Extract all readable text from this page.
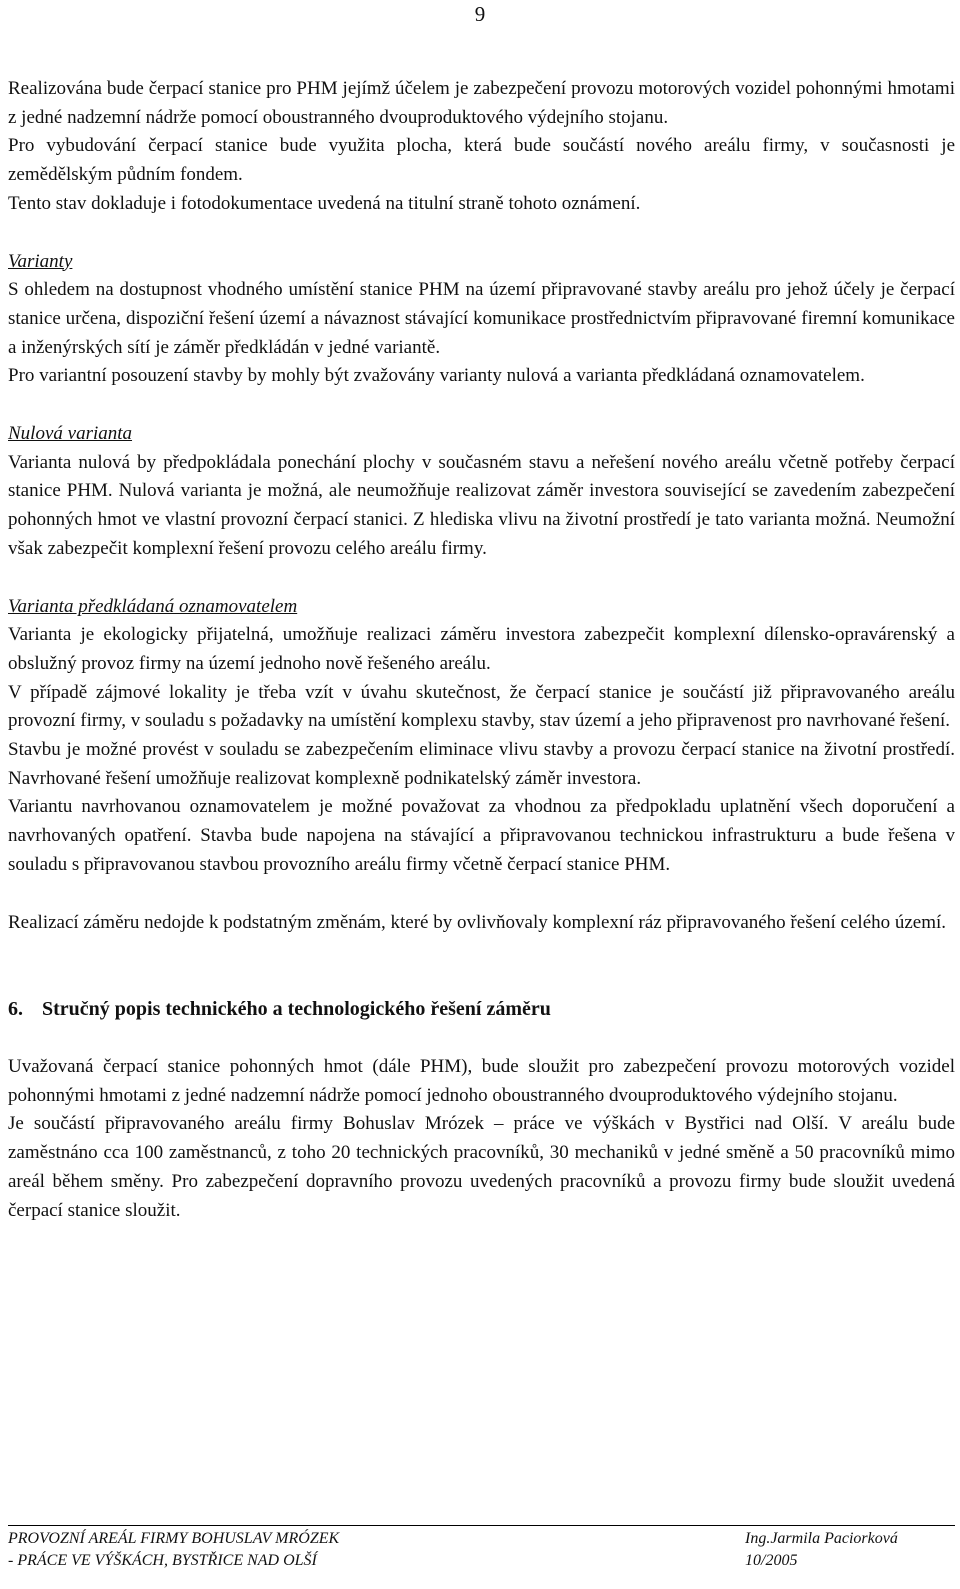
9

Realizována bude čerpací stanice pro PHM jejímž účelem je zabezpečení provozu motorových vozidel pohonnými hmotami z jedné nadzemní nádrže pomocí oboustranného dvouproduktového výdejního stojanu.

Pro vybudování čerpací stanice bude využita plocha, která bude součástí nového areálu firmy, v současnosti je zemědělským půdním fondem.

Tento stav dokladuje i fotodokumentace uvedená na titulní straně tohoto oznámení.

Varianty

S ohledem na dostupnost vhodného umístění stanice PHM na území připravované stavby areálu pro jehož účely je čerpací stanice určena, dispoziční řešení území a návaznost stávající komunikace prostřednictvím připravované firemní komunikace a inženýrských sítí je záměr předkládán v jedné variantě.

Pro variantní posouzení stavby by mohly být zvažovány varianty nulová a varianta předkládaná oznamovatelem.

Nulová varianta

Varianta nulová by předpokládala ponechání plochy v současném stavu a neřešení nového areálu včetně potřeby čerpací stanice PHM. Nulová varianta je možná, ale neumožňuje realizovat záměr investora související se zavedením zabezpečení pohonných hmot ve vlastní provozní čerpací stanici. Z hlediska vlivu na životní prostředí je tato varianta možná. Neumožní však zabezpečit komplexní řešení provozu celého areálu firmy.

Varianta předkládaná oznamovatelem

Varianta je ekologicky přijatelná, umožňuje realizaci záměru investora zabezpečit komplexní dílensko-opravárenský a obslužný provoz firmy na území jednoho nově řešeného areálu.

V případě zájmové lokality je třeba vzít v úvahu skutečnost, že čerpací stanice je součástí již připravovaného areálu provozní firmy, v souladu s požadavky na umístění komplexu stavby, stav území a jeho připravenost pro navrhované řešení.

Stavbu je možné provést v souladu se zabezpečením eliminace vlivu stavby a provozu čerpací stanice na životní prostředí. Navrhované řešení umožňuje realizovat komplexně podnikatelský záměr investora.

Variantu navrhovanou oznamovatelem je možné považovat za vhodnou za předpokladu uplatnění všech doporučení a navrhovaných opatření. Stavba bude napojena na stávající a připravovanou technickou infrastrukturu a bude řešena v souladu s připravovanou stavbou provozního areálu firmy včetně čerpací stanice PHM.

Realizací záměru nedojde k podstatným změnám, které by ovlivňovaly komplexní ráz připravovaného řešení celého území.

6. Stručný popis technického a technologického řešení záměru

Uvažovaná čerpací stanice pohonných hmot (dále PHM), bude sloužit pro zabezpečení provozu motorových vozidel pohonnými hmotami z jedné nadzemní nádrže pomocí jednoho oboustranného dvouproduktového výdejního stojanu.

Je součástí připravovaného areálu firmy Bohuslav Mrózek – práce ve výškách v Bystřici nad Olší. V areálu bude zaměstnáno cca 100 zaměstnanců, z toho 20 technických pracovníků, 30 mechaniků v jedné směně a 50 pracovníků mimo areál během směny. Pro zabezpečení dopravního provozu uvedených pracovníků a provozu firmy bude sloužit uvedená čerpací stanice sloužit.

PROVOZNÍ AREÁL FIRMY BOHUSLAV MRÓZEK	Ing.Jarmila Paciorková
- PRÁCE VE VÝŠKÁCH, BYSTŘICE NAD OLŠÍ	10/2005
